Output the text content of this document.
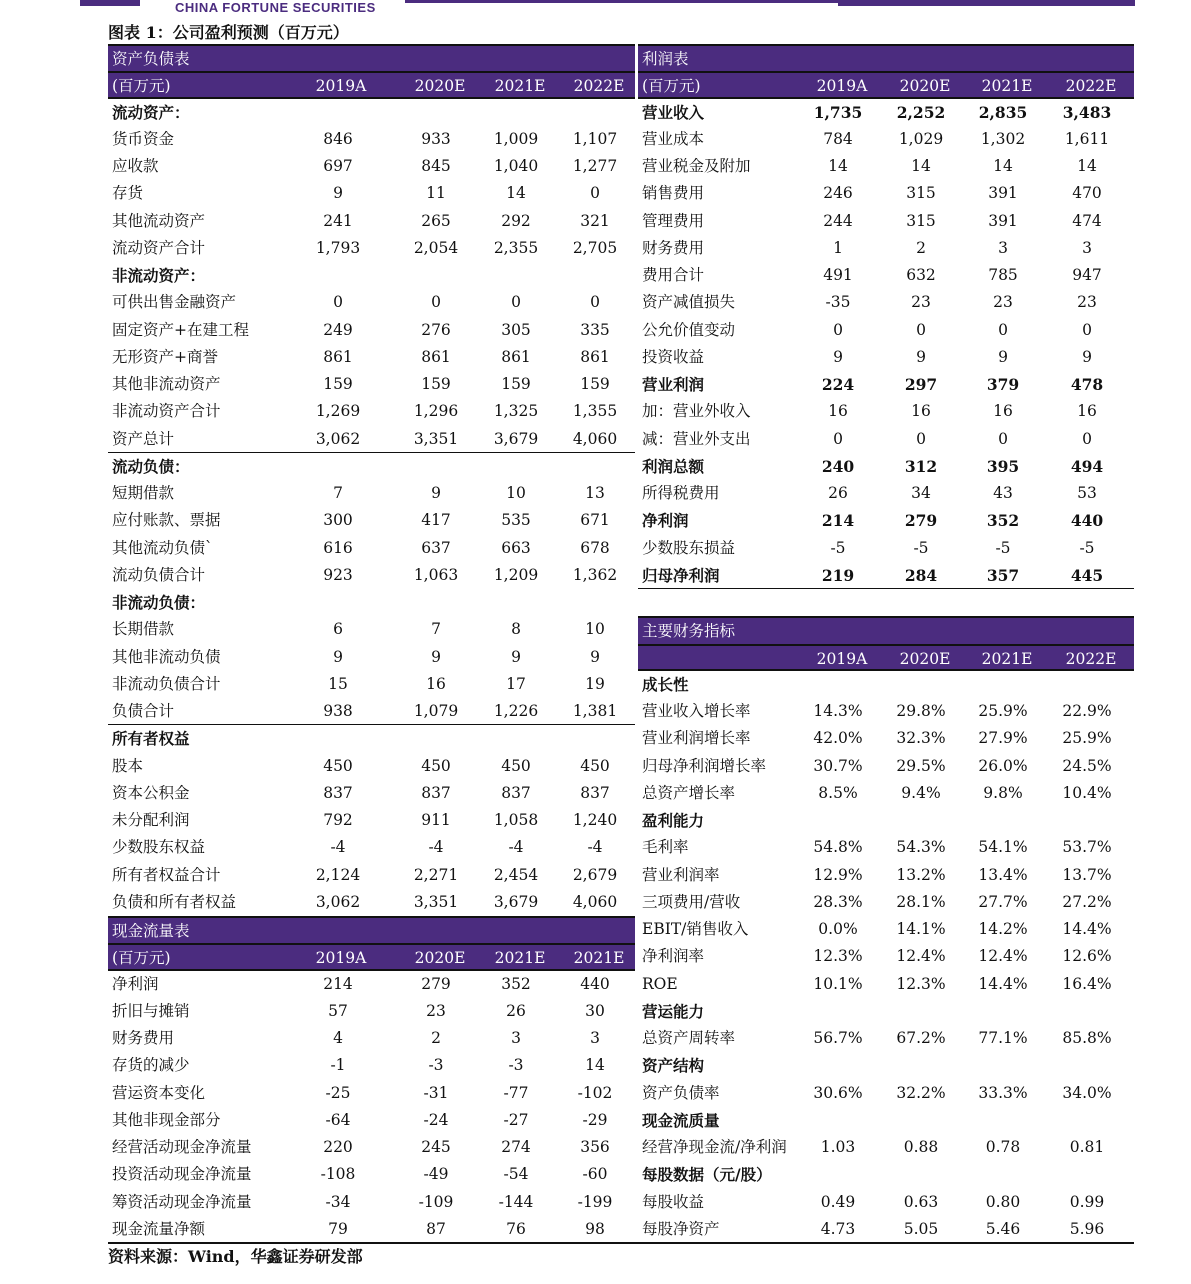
CHINA FORTUNE SECURITIES
图表 1：公司盈利预测（百万元）
资产负债表
(百万元)	2019A	2020E 2021E 2022E
流动资产：
货币资金	846	933	1,009 1,107
应收款	697	845	1,040 1,277
存货	9	11	14	0
其他流动资产	241	265	292	321
流动资产合计	1,793	2,054 2,355 2,705
非流动资产：
可供出售金融资产	0	0	0	0
固定资产+在建工程	249	276	305	335
无形资产+商誉	861	861	861	861
其他非流动资产	159	159	159	159
非流动资产合计	1,269	1,296 1,325 1,355
资产总计	3,062	3,351 3,679 4,060
流动负债：
短期借款	7	9	10	13
应付账款、票据	300	417	535	671
其他流动负债`	616	637	663	678
流动负债合计	923	1,063 1,209 1,362
非流动负债：
长期借款	6	7	8	10
其他非流动负债	9	9	9	9
非流动负债合计	15	16	17	19
负债合计	938	1,079 1,226 1,381
所有者权益
股本	450	450	450	450
资本公积金	837	837	837	837
未分配利润	792	911	1,058 1,240
少数股东权益	-4	-4	-4	-4
所有者权益合计	2,124	2,271 2,454 2,679
负债和所有者权益	3,062	3,351 3,679 4,060
现金流量表
(百万元)	2019A	2020E 2021E 2021E
净利润	214	279	352	440
折旧与摊销	57	23	26	30
财务费用	4	2	3	3
存货的减少	-1	-3	-3	14
营运资本变化	-25	-31	-77	-102
其他非现金部分	-64	-24	-27	-29
经营活动现金净流量	220	245	274	356
投资活动现金净流量	-108	-49	-54	-60
筹资活动现金净流量	-34	-109	-144	-199
现金流量净额	79	87	76	98
利润表
(百万元)	2019A 2020E 2021E 2022E
营业收入	1,735 2,252 2,835 3,483
营业成本	784	1,029 1,302	1,611
营业税金及附加	14	14	14	14
销售费用	246	315	391	470
管理费用	244	315	391	474
财务费用	1	2	3	3
费用合计	491	632	785	947
资产减值损失	-35	23	23	23
公允价值变动	0	0	0	0
投资收益	9	9	9	9
营业利润	224	297	379	478
加：营业外收入	16	16	16	16
减：营业外支出	0	0	0	0
利润总额	240	312	395	494
所得税费用	26	34	43	53
净利润	214	279	352	440
少数股东损益	-5	-5	-5	-5
归母净利润	219	284	357	445
主要财务指标
2019A 2020E 2021E 2022E
成长性
营业收入增长率	14.3% 29.8% 25.9% 22.9%
营业利润增长率	42.0% 32.3% 27.9% 25.9%
归母净利润增长率	30.7% 29.5% 26.0% 24.5%
总资产增长率	8.5%	9.4%	9.8%	10.4%
盈利能力
毛利率	54.8% 54.3% 54.1% 53.7%
营业利润率	12.9% 13.2% 13.4% 13.7%
三项费用/营收	28.3% 28.1% 27.7% 27.2%
EBIT/销售收入	0.0% 14.1% 14.2% 14.4%
净利润率	12.3% 12.4% 12.4% 12.6%
ROE	10.1% 12.3% 14.4% 16.4%
营运能力
总资产周转率	56.7% 67.2% 77.1% 85.8%
资产结构
资产负债率	30.6% 32.2% 33.3% 34.0%
现金流质量
经营净现金流/净利润 1.03	0.88	0.78	0.81
每股数据（元/股）
每股收益	0.49	0.63	0.80	0.99
每股净资产	4.73	5.05	5.46	5.96
资料来源：Wind，华鑫证券研发部
